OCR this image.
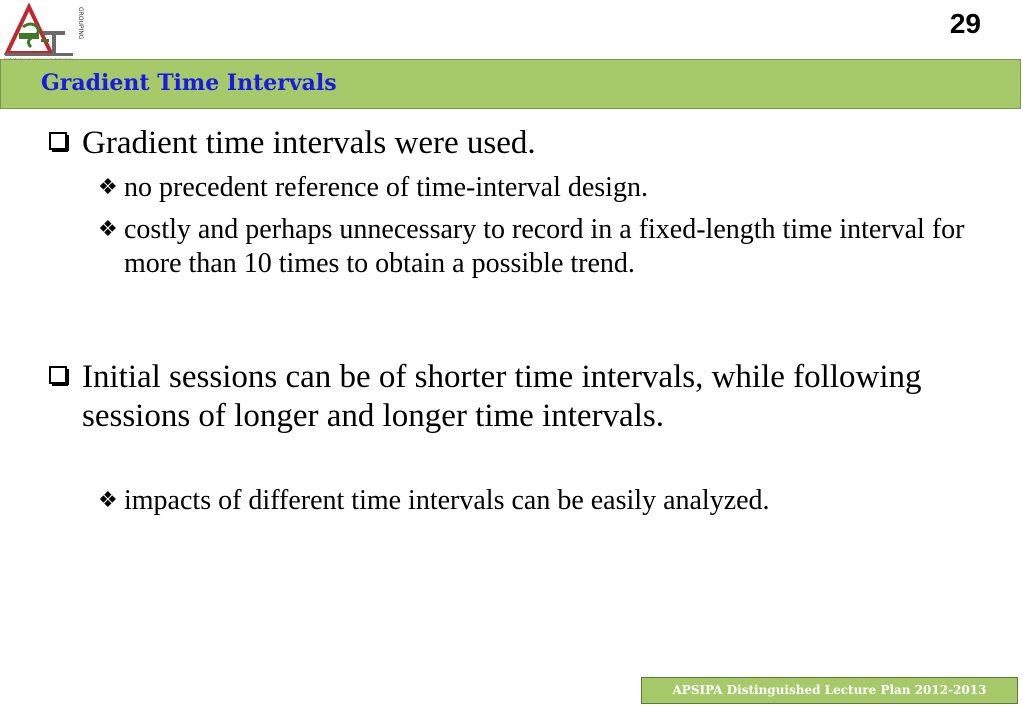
GROUPING	29
Gradient Time Intervals
Gradient time intervals were used.
❖ no precedent reference of time-interval design.
❖ costly and perhaps unnecessary to record in a fixed-length time interval for more than 10 times to obtain a possible trend.
Initial sessions can be of shorter time intervals, while following sessions of longer and longer time intervals.
❖ impacts of different time intervals can be easily analyzed.
APSIPA Distinguished Lecture Plan 2012-2013
